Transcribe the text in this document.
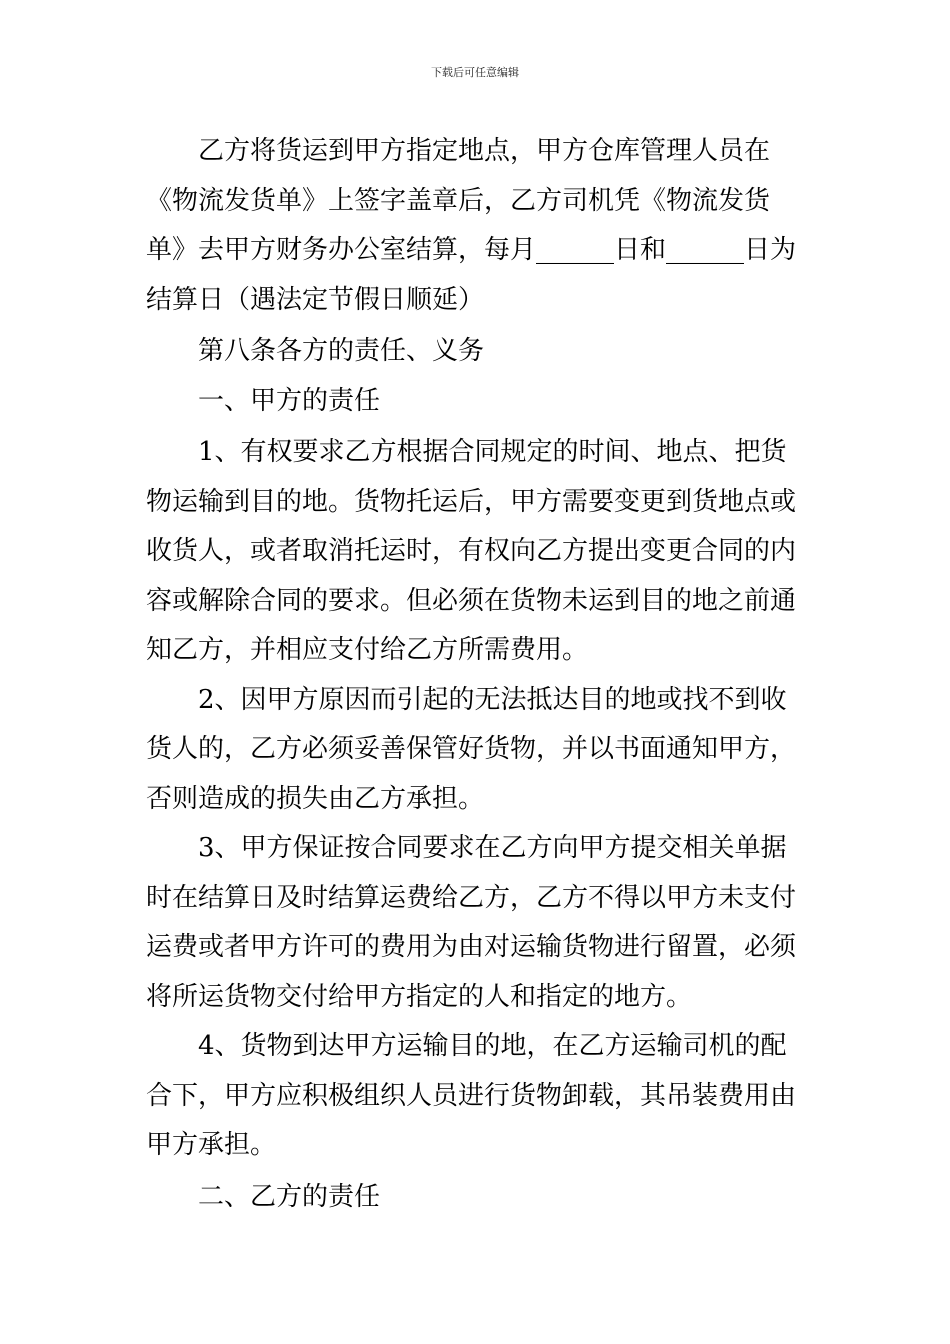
下载后可任意编辑

乙方将货运到甲方指定地点，甲方仓库管理人员在《物流发货单》上签字盖章后，乙方司机凭《物流发货单》去甲方财务办公室结算，每月______日和______日为结算日（遇法定节假日顺延）

第八条各方的责任、义务

一、甲方的责任

1、有权要求乙方根据合同规定的时间、地点、把货物运输到目的地。货物托运后，甲方需要变更到货地点或收货人，或者取消托运时，有权向乙方提出变更合同的内容或解除合同的要求。但必须在货物未运到目的地之前通知乙方，并相应支付给乙方所需费用。

2、因甲方原因而引起的无法抵达目的地或找不到收货人的，乙方必须妥善保管好货物，并以书面通知甲方，否则造成的损失由乙方承担。

3、甲方保证按合同要求在乙方向甲方提交相关单据时在结算日及时结算运费给乙方，乙方不得以甲方未支付运费或者甲方许可的费用为由对运输货物进行留置，必须将所运货物交付给甲方指定的人和指定的地方。

4、货物到达甲方运输目的地，在乙方运输司机的配合下，甲方应积极组织人员进行货物卸载，其吊装费用由甲方承担。

二、乙方的责任
